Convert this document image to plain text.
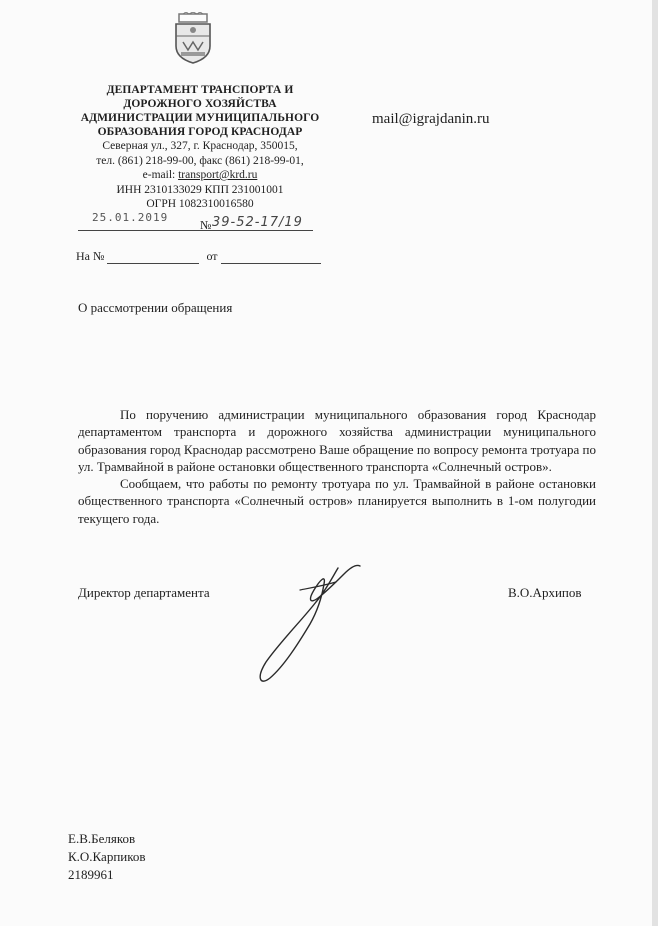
ДЕПАРТАМЕНТ ТРАНСПОРТА И
ДОРОЖНОГО ХОЗЯЙСТВА
АДМИНИСТРАЦИИ МУНИЦИПАЛЬНОГО
ОБРАЗОВАНИЯ ГОРОД КРАСНОДАР
Северная ул., 327, г. Краснодар, 350015,
тел. (861) 218-99-00, факс (861) 218-99-01,
e-mail: transport@krd.ru
ИНН 2310133029 КПП 231001001
ОГРН 1082310016580
mail@igrajdanin.ru
25.01.2019
№ 39-52-17/19
На №	от
О рассмотрении обращения

По поручению администрации муниципального образования город Краснодар департаментом транспорта и дорожного хозяйства администрации муниципального образования город Краснодар рассмотрено Ваше обращение по вопросу ремонта тротуара по ул. Трамвайной в районе остановки общественного транспорта «Солнечный остров».

Сообщаем, что работы по ремонту тротуара по ул. Трамвайной в районе остановки общественного транспорта «Солнечный остров» планируется выполнить в 1-ом полугодии текущего года.

Директор департамента	В.О.Архипов
Е.В.Беляков
К.О.Карпиков
2189961
